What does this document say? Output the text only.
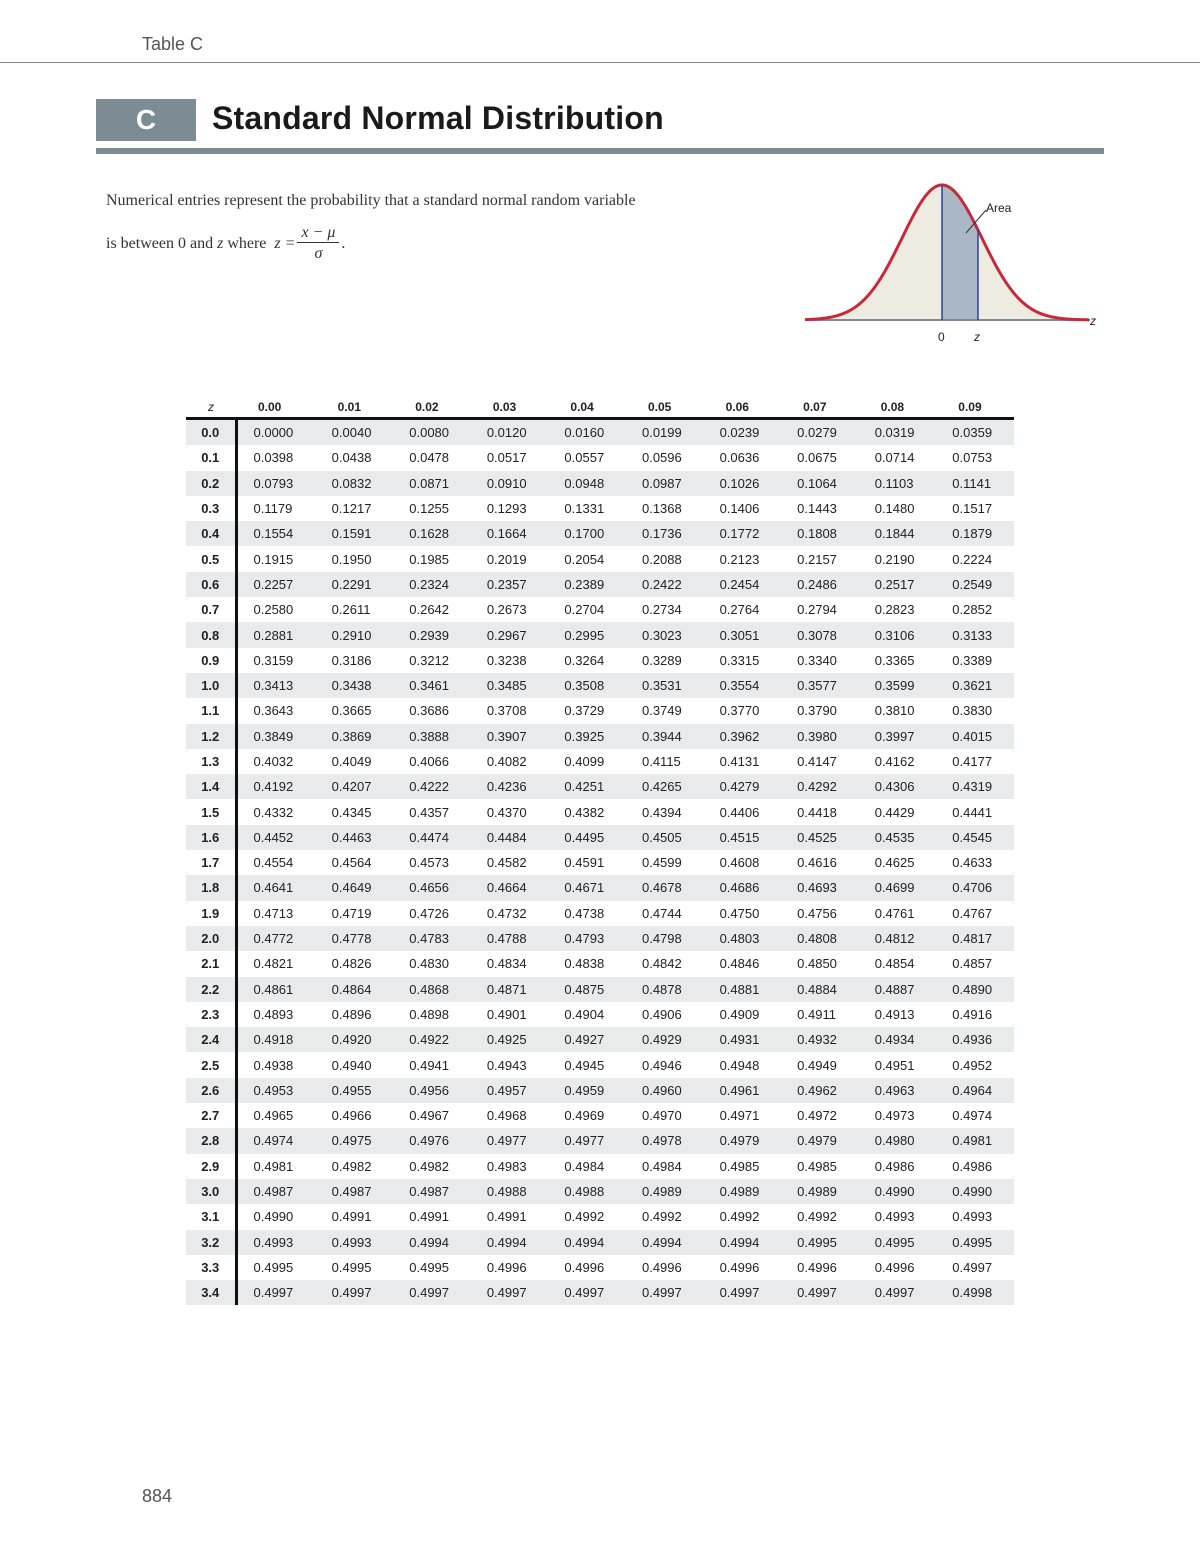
Table C
C	Standard Normal Distribution
Numerical entries represent the probability that a standard normal random variable
is between 0 and
z
where
$z = \frac{x - \mu}{\sigma}$ .
Area
z
0 z
z	0.00	0.01	0.02	0.03	0.04	0.05	0.06	0.07	0.08	0.09
0.0	0.0000	0.0040	0.0080	0.0120	0.0160	0.0199	0.0239	0.0279	0.0319	0.0359
0.1	0.0398	0.0438	0.0478	0.0517	0.0557	0.0596	0.0636	0.0675	0.0714	0.0753
0.2	0.0793	0.0832	0.0871	0.0910	0.0948	0.0987	0.1026	0.1064	0.1103	0.1141
0.3	0.1179	0.1217	0.1255	0.1293	0.1331	0.1368	0.1406	0.1443	0.1480	0.1517
0.4	0.1554	0.1591	0.1628	0.1664	0.1700	0.1736	0.1772	0.1808	0.1844	0.1879
0.5	0.1915	0.1950	0.1985	0.2019	0.2054	0.2088	0.2123	0.2157	0.2190	0.2224
0.6	0.2257	0.2291	0.2324	0.2357	0.2389	0.2422	0.2454	0.2486	0.2517	0.2549
0.7	0.2580	0.2611	0.2642	0.2673	0.2704	0.2734	0.2764	0.2794	0.2823	0.2852
0.8	0.2881	0.2910	0.2939	0.2967	0.2995	0.3023	0.3051	0.3078	0.3106	0.3133
0.9	0.3159	0.3186	0.3212	0.3238	0.3264	0.3289	0.3315	0.3340	0.3365	0.3389
1.0	0.3413	0.3438	0.3461	0.3485	0.3508	0.3531	0.3554	0.3577	0.3599	0.3621
1.1	0.3643	0.3665	0.3686	0.3708	0.3729	0.3749	0.3770	0.3790	0.3810	0.3830
1.2	0.3849	0.3869	0.3888	0.3907	0.3925	0.3944	0.3962	0.3980	0.3997	0.4015
1.3	0.4032	0.4049	0.4066	0.4082	0.4099	0.4115	0.4131	0.4147	0.4162	0.4177
1.4	0.4192	0.4207	0.4222	0.4236	0.4251	0.4265	0.4279	0.4292	0.4306	0.4319
1.5	0.4332	0.4345	0.4357	0.4370	0.4382	0.4394	0.4406	0.4418	0.4429	0.4441
1.6	0.4452	0.4463	0.4474	0.4484	0.4495	0.4505	0.4515	0.4525	0.4535	0.4545
1.7	0.4554	0.4564	0.4573	0.4582	0.4591	0.4599	0.4608	0.4616	0.4625	0.4633
1.8	0.4641	0.4649	0.4656	0.4664	0.4671	0.4678	0.4686	0.4693	0.4699	0.4706
1.9	0.4713	0.4719	0.4726	0.4732	0.4738	0.4744	0.4750	0.4756	0.4761	0.4767
2.0	0.4772	0.4778	0.4783	0.4788	0.4793	0.4798	0.4803	0.4808	0.4812	0.4817
2.1	0.4821	0.4826	0.4830	0.4834	0.4838	0.4842	0.4846	0.4850	0.4854	0.4857
2.2	0.4861	0.4864	0.4868	0.4871	0.4875	0.4878	0.4881	0.4884	0.4887	0.4890
2.3	0.4893	0.4896	0.4898	0.4901	0.4904	0.4906	0.4909	0.4911	0.4913	0.4916
2.4	0.4918	0.4920	0.4922	0.4925	0.4927	0.4929	0.4931	0.4932	0.4934	0.4936
2.5	0.4938	0.4940	0.4941	0.4943	0.4945	0.4946	0.4948	0.4949	0.4951	0.4952
2.6	0.4953	0.4955	0.4956	0.4957	0.4959	0.4960	0.4961	0.4962	0.4963	0.4964
2.7	0.4965	0.4966	0.4967	0.4968	0.4969	0.4970	0.4971	0.4972	0.4973	0.4974
2.8	0.4974	0.4975	0.4976	0.4977	0.4977	0.4978	0.4979	0.4979	0.4980	0.4981
2.9	0.4981	0.4982	0.4982	0.4983	0.4984	0.4984	0.4985	0.4985	0.4986	0.4986
3.0	0.4987	0.4987	0.4987	0.4988	0.4988	0.4989	0.4989	0.4989	0.4990	0.4990
3.1	0.4990	0.4991	0.4991	0.4991	0.4992	0.4992	0.4992	0.4992	0.4993	0.4993
3.2	0.4993	0.4993	0.4994	0.4994	0.4994	0.4994	0.4994	0.4995	0.4995	0.4995
3.3	0.4995	0.4995	0.4995	0.4996	0.4996	0.4996	0.4996	0.4996	0.4996	0.4997
3.4	0.4997	0.4997	0.4997	0.4997	0.4997	0.4997	0.4997	0.4997	0.4997	0.4998
884
